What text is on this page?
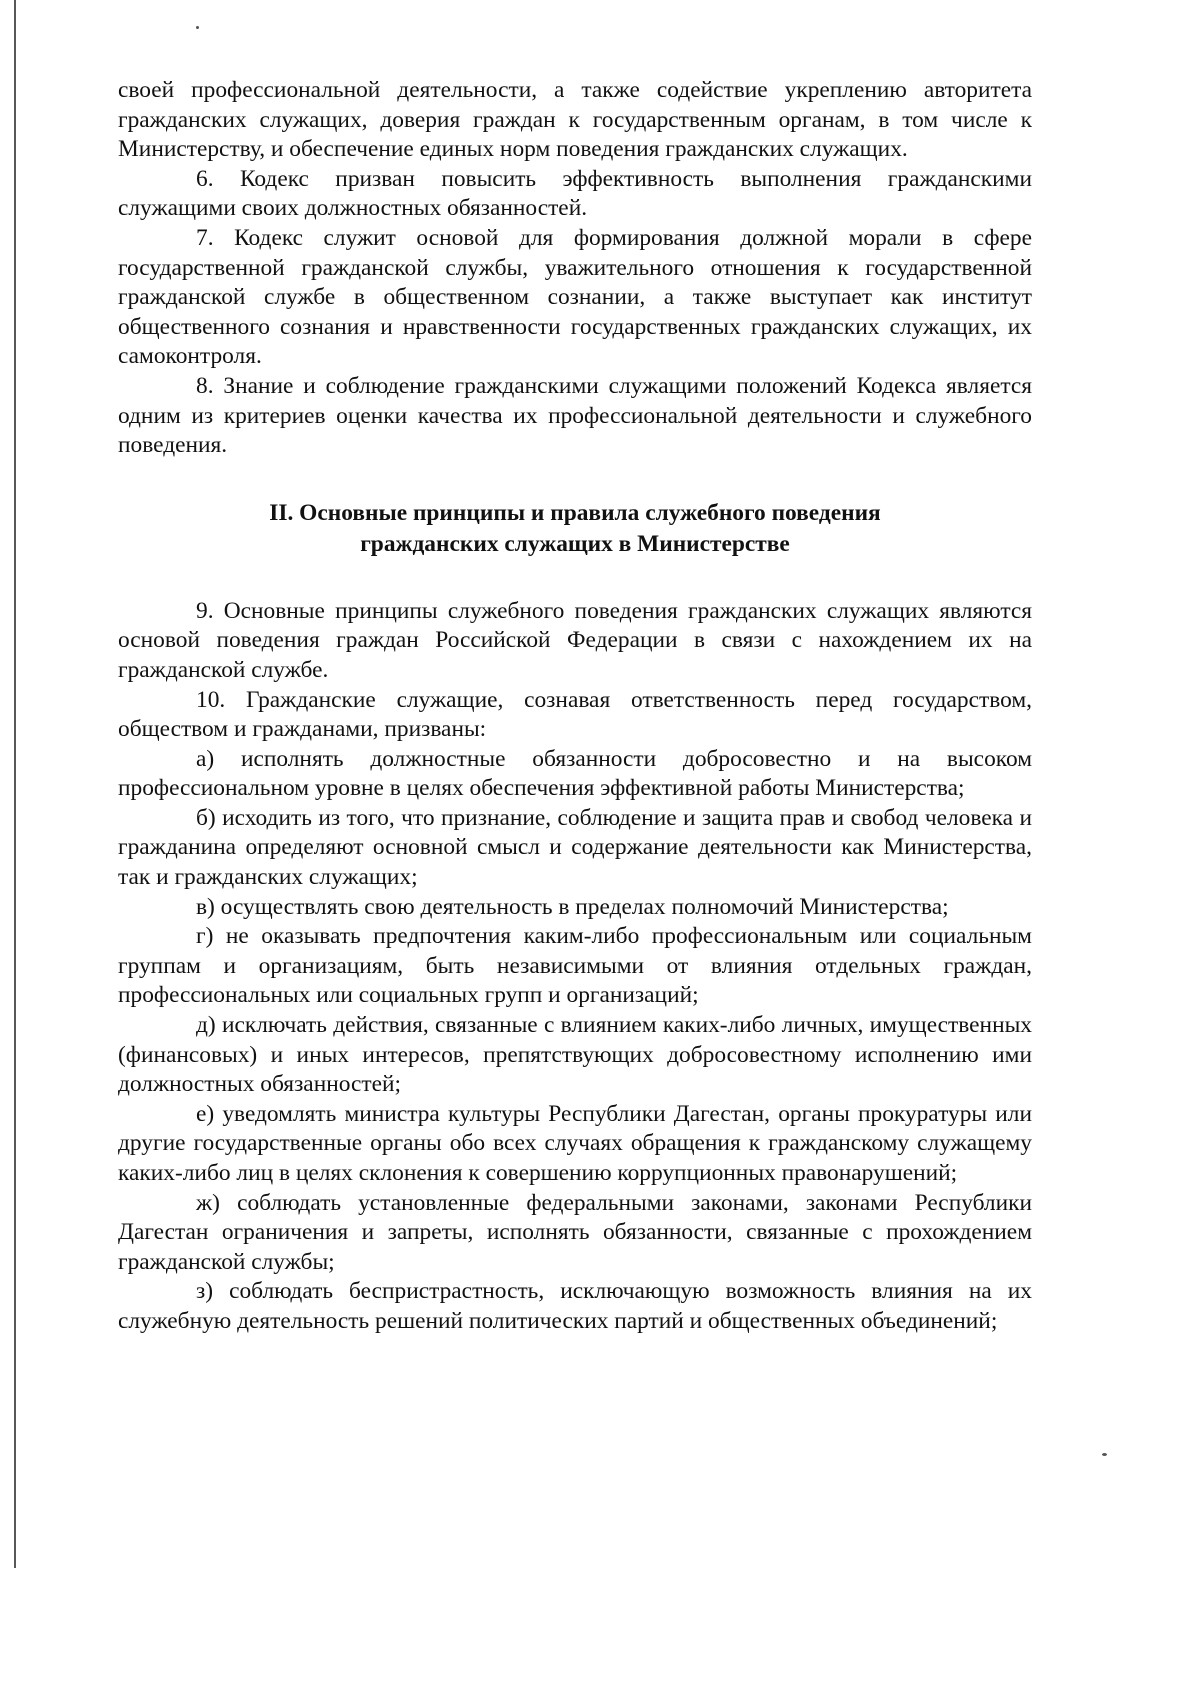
своей профессиональной деятельности, а также содействие укреплению авторитета гражданских служащих, доверия граждан к государственным органам, в том числе к Министерству, и обеспечение единых норм поведения гражданских служащих.

6. Кодекс призван повысить эффективность выполнения гражданскими служащими своих должностных обязанностей.

7. Кодекс служит основой для формирования должной морали в сфере государственной гражданской службы, уважительного отношения к государственной гражданской службе в общественном сознании, а также выступает как институт общественного сознания и нравственности государственных гражданских служащих, их самоконтроля.

8. Знание и соблюдение гражданскими служащими положений Кодекса является одним из критериев оценки качества их профессиональной деятельности и служебного поведения.

II. Основные принципы и правила служебного поведения
гражданских служащих в Министерстве

9. Основные принципы служебного поведения гражданских служащих являются основой поведения граждан Российской Федерации в связи с нахождением их на гражданской службе.

10. Гражданские служащие, сознавая ответственность перед государством, обществом и гражданами, призваны:

а) исполнять должностные обязанности добросовестно и на высоком профессиональном уровне в целях обеспечения эффективной работы Министерства;

б) исходить из того, что признание, соблюдение и защита прав и свобод человека и гражданина определяют основной смысл и содержание деятельности как Министерства, так и гражданских служащих;

в) осуществлять свою деятельность в пределах полномочий Министерства;

г) не оказывать предпочтения каким-либо профессиональным или социальным группам и организациям, быть независимыми от влияния отдельных граждан, профессиональных или социальных групп и организаций;

д) исключать действия, связанные с влиянием каких-либо личных, имущественных (финансовых) и иных интересов, препятствующих добросовестному исполнению ими должностных обязанностей;

е) уведомлять министра культуры Республики Дагестан, органы прокуратуры или другие государственные органы обо всех случаях обращения к гражданскому служащему каких-либо лиц в целях склонения к совершению коррупционных правонарушений;

ж) соблюдать установленные федеральными законами, законами Республики Дагестан ограничения и запреты, исполнять обязанности, связанные с прохождением гражданской службы;

з) соблюдать беспристрастность, исключающую возможность влияния на их служебную деятельность решений политических партий и общественных объединений;
